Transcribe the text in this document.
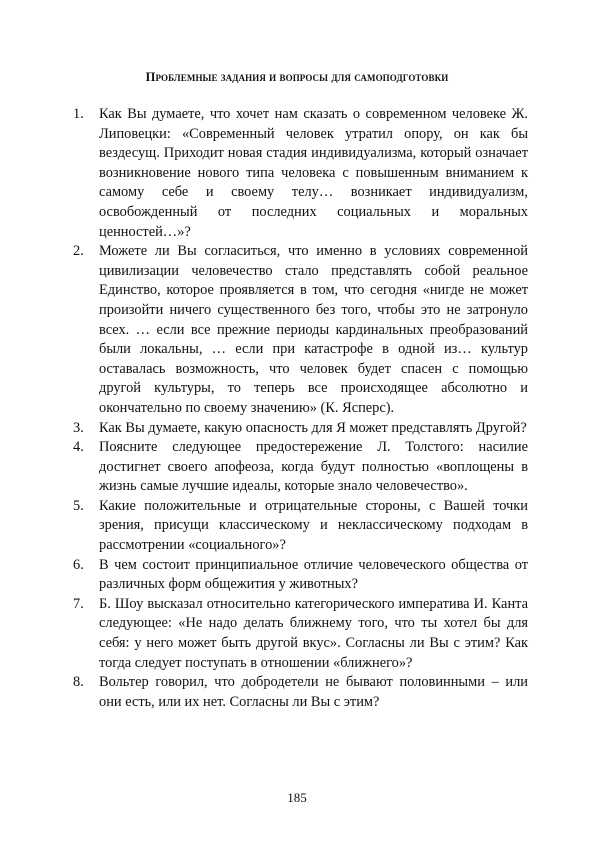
Проблемные задания и вопросы для самоподготовки
1.	Как Вы думаете, что хочет нам сказать о современном человеке Ж. Липовецки: «Современный человек утратил опору, он как бы вездесущ. Приходит новая стадия индивидуализма, который означает возникновение нового типа человека с повышенным вниманием к самому себе и своему телу… возникает индивидуализм, освобожденный от последних социальных и моральных ценностей…»?
2.	Можете ли Вы согласиться, что именно в условиях современной цивилизации человечество стало представлять собой реальное Единство, которое проявляется в том, что сегодня «нигде не может произойти ничего существенного без того, чтобы это не затронуло всех. … если все прежние периоды кардинальных преобразований были локальны, … если при катастрофе в одной из… культур оставалась возможность, что человек будет спасен с помощью другой культуры, то теперь все происходящее абсолютно и окончательно по своему значению» (К. Ясперс).
3.	Как Вы думаете, какую опасность для Я может представлять Другой?
4.	Поясните следующее предостережение Л. Толстого: насилие достигнет своего апофеоза, когда будут полностью «воплощены в жизнь самые лучшие идеалы, которые знало человечество».
5.	Какие положительные и отрицательные стороны, с Вашей точки зрения, присущи классическому и неклассическому подходам в рассмотрении «социального»?
6.	В чем состоит принципиальное отличие человеческого общества от различных форм общежития у животных?
7.	Б. Шоу высказал относительно категорического императива И. Канта следующее: «Не надо делать ближнему того, что ты хотел бы для себя: у него может быть другой вкус». Согласны ли Вы с этим? Как тогда следует поступать в отношении «ближнего»?
8.	Вольтер говорил, что добродетели не бывают половинными – или они есть, или их нет. Согласны ли Вы с этим?
185
